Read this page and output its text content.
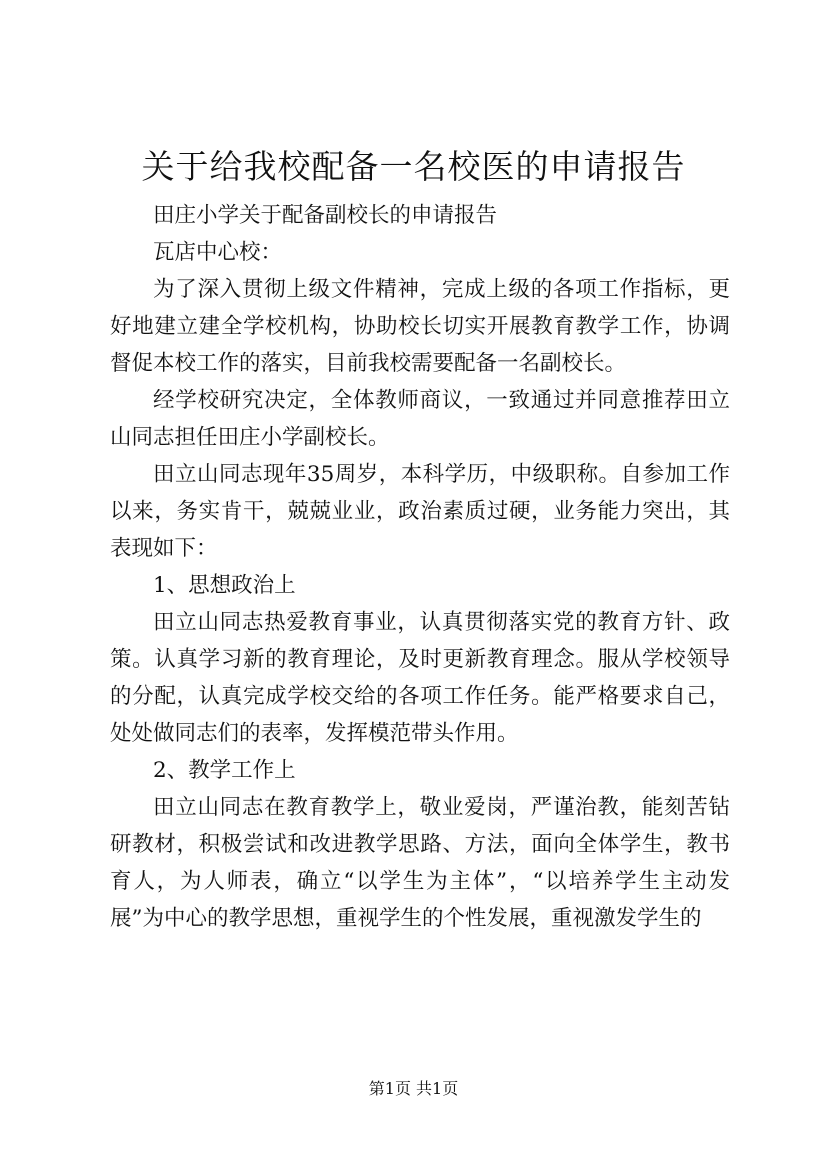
关于给我校配备一名校医的申请报告

田庄小学关于配备副校长的申请报告

瓦店中心校：

为了深入贯彻上级文件精神，完成上级的各项工作指标，更好地建立建全学校机构，协助校长切实开展教育教学工作，协调督促本校工作的落实，目前我校需要配备一名副校长。

经学校研究决定，全体教师商议，一致通过并同意推荐田立山同志担任田庄小学副校长。

田立山同志现年35周岁，本科学历，中级职称。自参加工作以来，务实肯干，兢兢业业，政治素质过硬，业务能力突出，其表现如下：

1、思想政治上

田立山同志热爱教育事业，认真贯彻落实党的教育方针、政策。认真学习新的教育理论，及时更新教育理念。服从学校领导的分配，认真完成学校交给的各项工作任务。能严格要求自己，处处做同志们的表率，发挥模范带头作用。

2、教学工作上

田立山同志在教育教学上，敬业爱岗，严谨治教，能刻苦钻研教材，积极尝试和改进教学思路、方法，面向全体学生，教书育人，为人师表，确立“以学生为主体”，“以培养学生主动发展”为中心的教学思想，重视学生的个性发展，重视激发学生的

第1页 共1页
